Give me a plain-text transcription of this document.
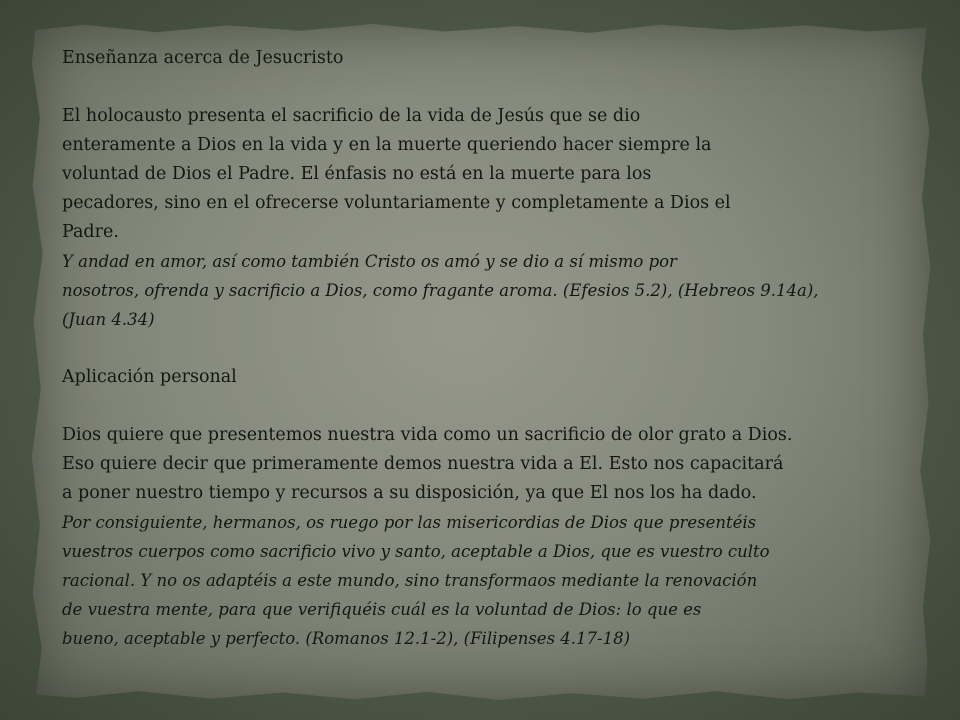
Enseñanza acerca de Jesucristo

El holocausto presenta el sacrificio de la vida de Jesús que se dio

enteramente a Dios en la vida y en la muerte queriendo hacer siempre la

voluntad de Dios el Padre. El énfasis no está en la muerte para los

pecadores, sino en el ofrecerse voluntariamente y completamente a Dios el

Padre.

Y andad en amor, así como también Cristo os amó y se dio a sí mismo por

nosotros, ofrenda y sacrificio a Dios, como fragante aroma. (Efesios 5.2), (Hebreos 9.14a),

(Juan 4.34)

Aplicación personal

Dios quiere que presentemos nuestra vida como un sacrificio de olor grato a Dios.

Eso quiere decir que primeramente demos nuestra vida a El. Esto nos capacitará

a poner nuestro tiempo y recursos a su disposición, ya que El nos los ha dado.

Por consiguiente, hermanos, os ruego por las misericordias de Dios que presentéis

vuestros cuerpos como sacrificio vivo y santo, aceptable a Dios, que es vuestro culto

racional. Y no os adaptéis a este mundo, sino transformaos mediante la renovación

de vuestra mente, para que verifiquéis cuál es la voluntad de Dios: lo que es

bueno, aceptable y perfecto. (Romanos 12.1-2), (Filipenses 4.17-18)
